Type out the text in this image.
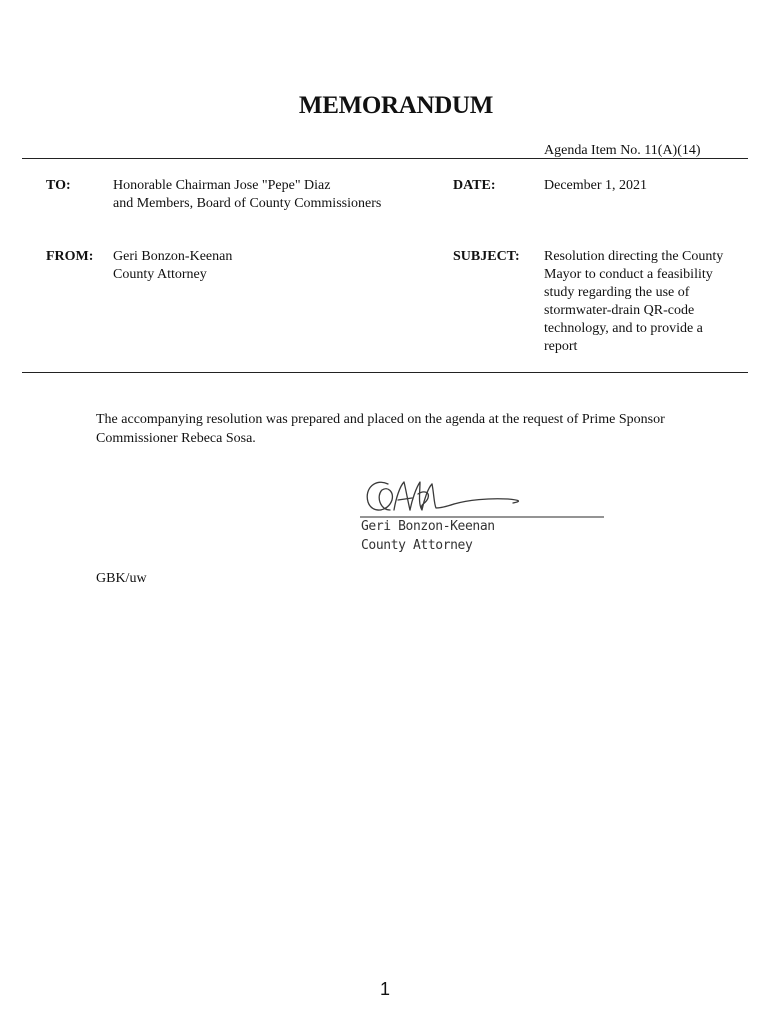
MEMORANDUM
Agenda Item No. 11(A)(14)
TO:	Honorable Chairman Jose "Pepe" Diaz
and Members, Board of County Commissioners
DATE:	December 1, 2021
FROM: Geri Bonzon-Keenan
County Attorney
SUBJECT: Resolution directing the County
Mayor to conduct a feasibility
study regarding the use of
stormwater-drain QR-code
technology, and to provide a
report
The accompanying resolution was prepared and placed on the agenda at the request of Prime Sponsor
Commissioner Rebeca Sosa.
Geri Bonzon-Keenan
County Attorney
GBK/uw
1
